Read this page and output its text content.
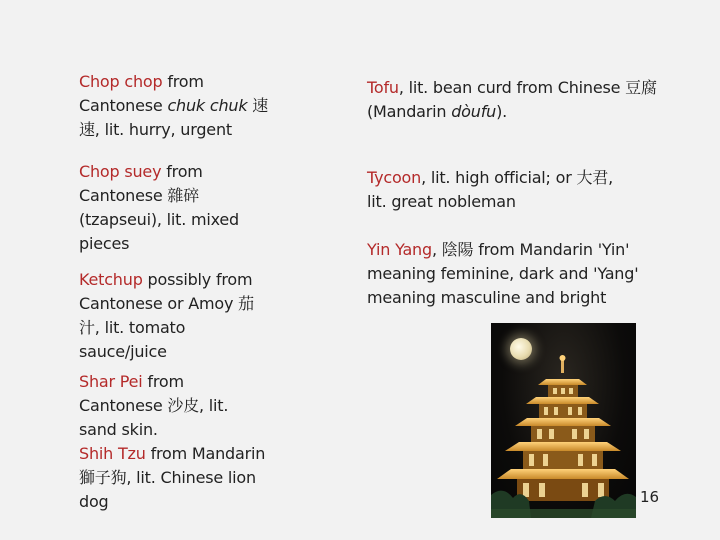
Chop chop from
Cantonese chuk chuk 速
速, lit. hurry, urgent
Chop suey from
Cantonese 雜碎
(tzapseui), lit. mixed
pieces
Ketchup possibly from
Cantonese or Amoy 茄
汁, lit. tomato
sauce/juice
Shar Pei from
Cantonese 沙皮, lit.
sand skin.
Shih Tzu from Mandarin
獅子狗, lit. Chinese lion
dog
Tofu, lit. bean curd from Chinese 豆腐
(Mandarin dòufu).
Tycoon, lit. high official; or 大君,
lit. great nobleman
Yin Yang, 陰陽 from Mandarin 'Yin'
meaning feminine, dark and 'Yang'
meaning masculine and bright
16
